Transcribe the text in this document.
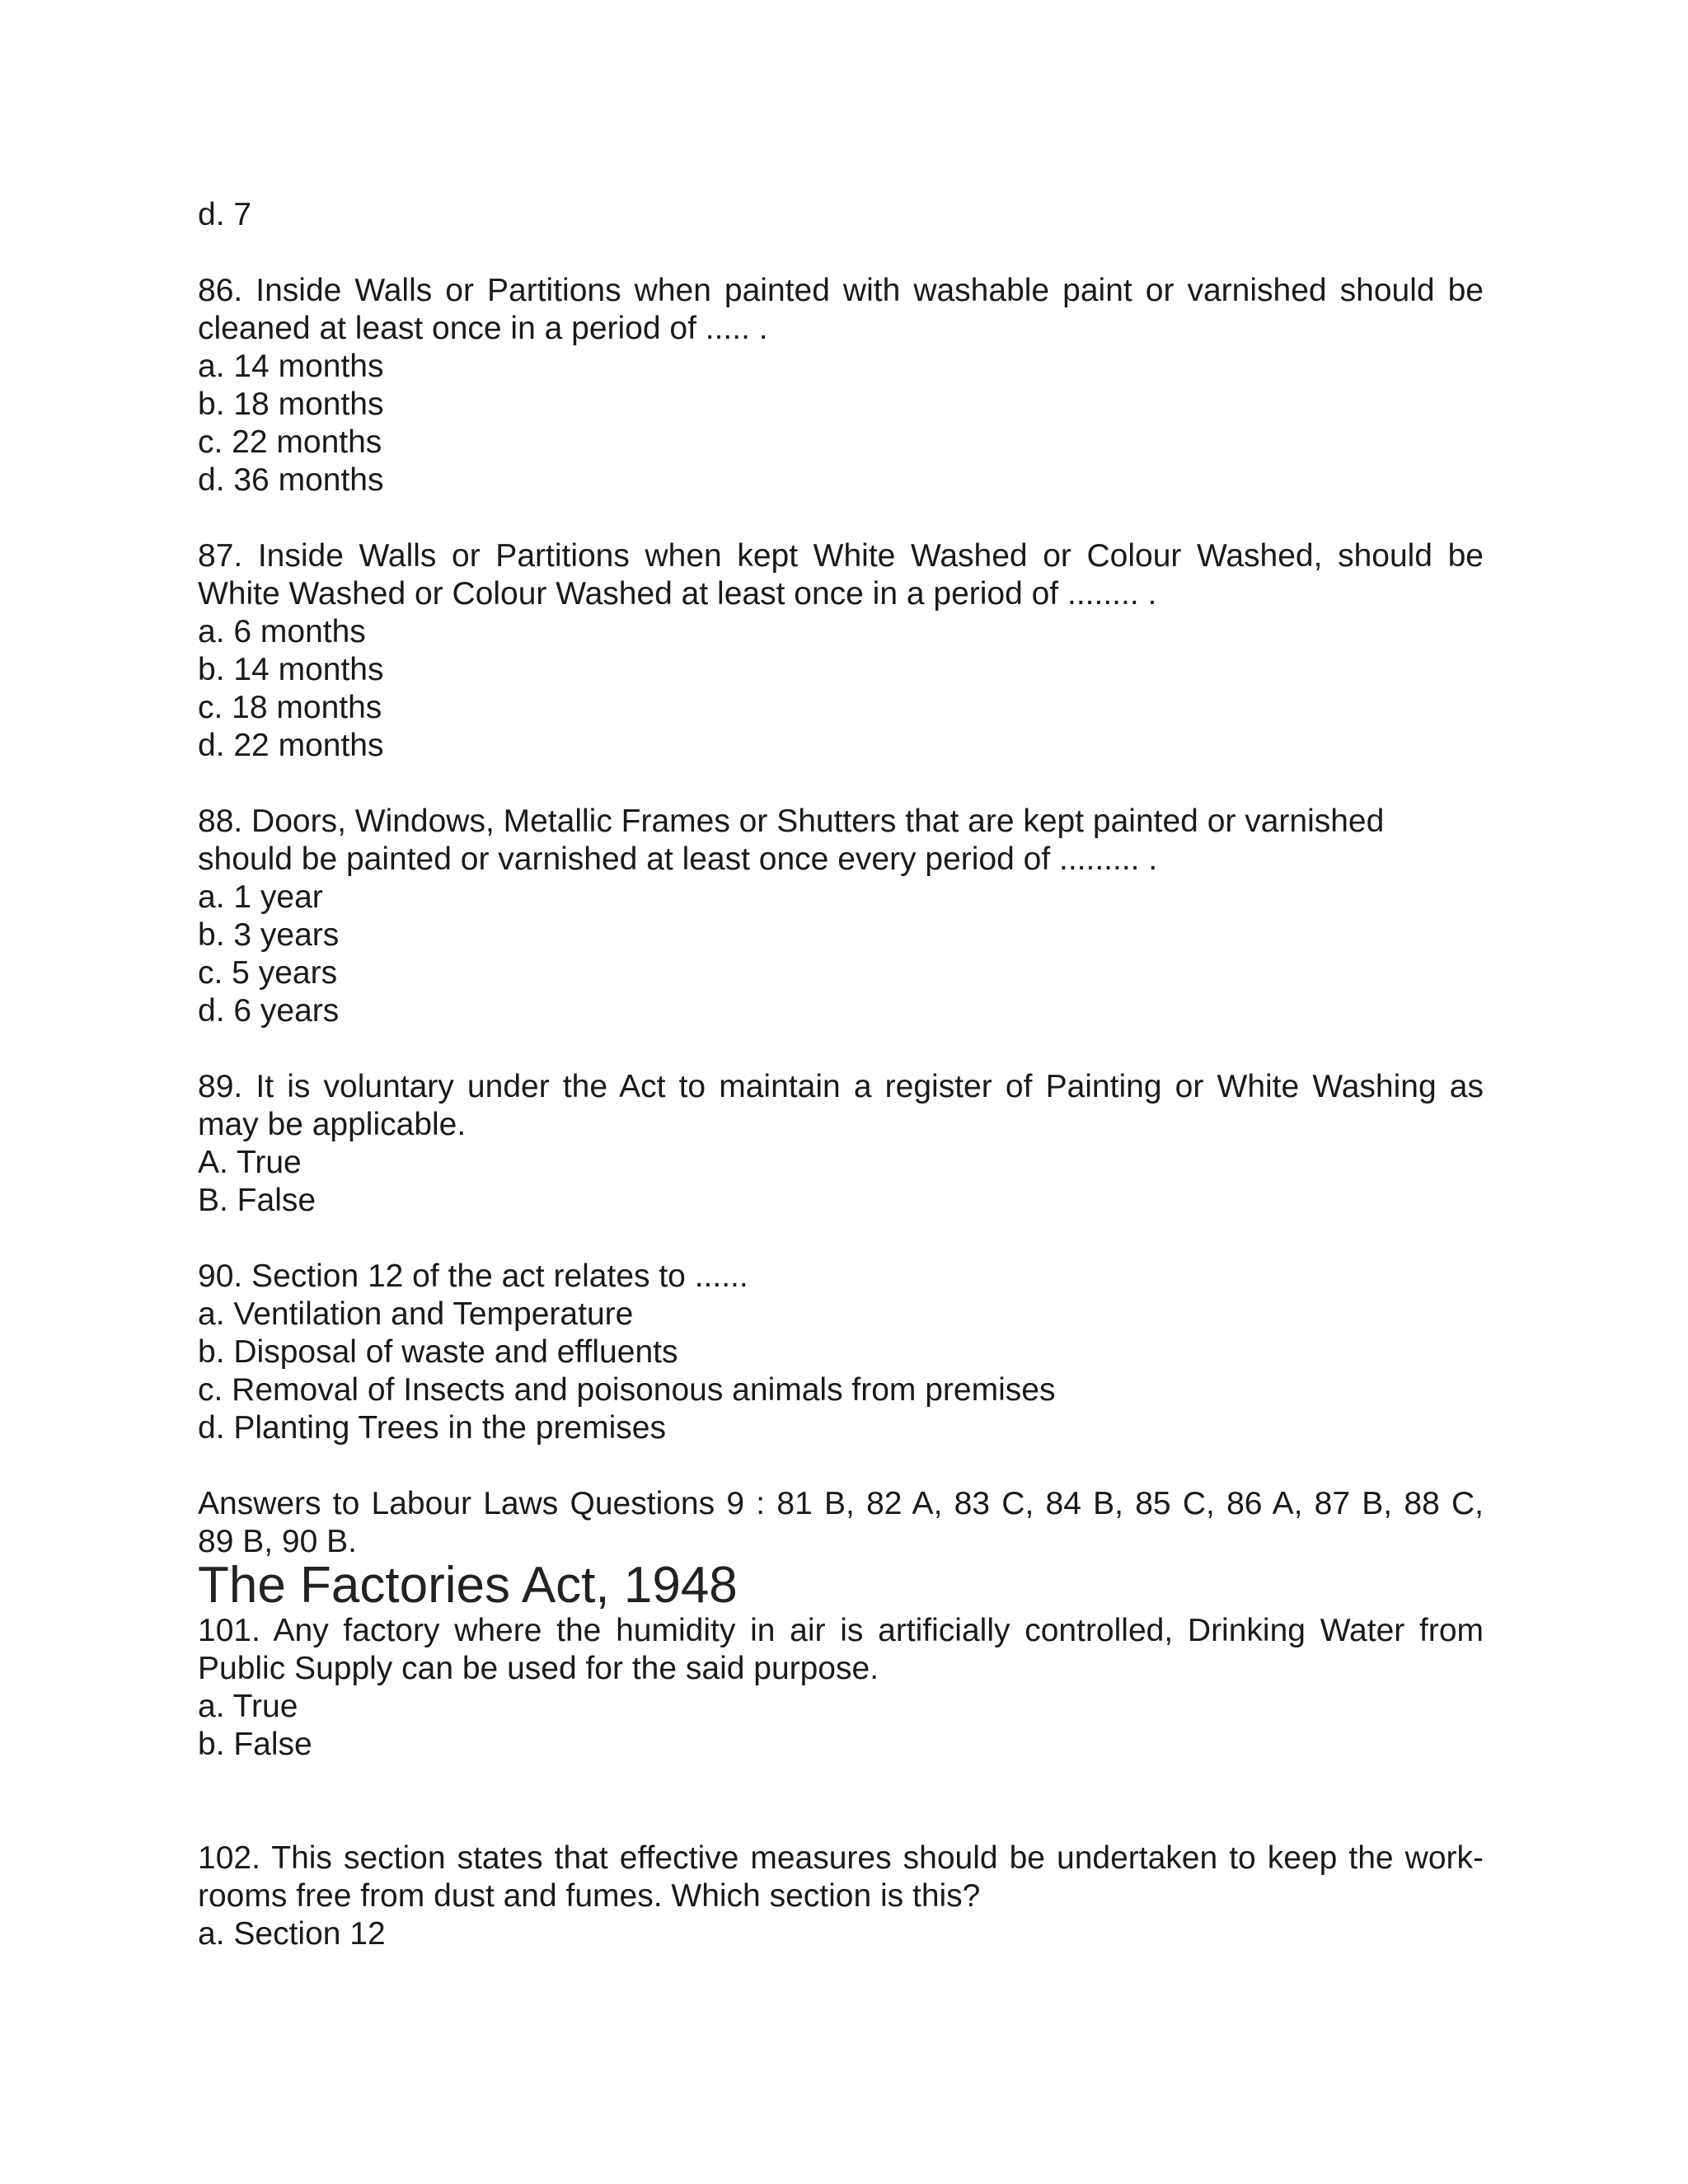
d. 7
86. Inside Walls or Partitions when painted with washable paint or varnished should be
cleaned at least once in a period of ..... .
a. 14 months
b. 18 months
c. 22 months
d. 36 months
87. Inside Walls or Partitions when kept White Washed or Colour Washed, should be
White Washed or Colour Washed at least once in a period of ........ .
a. 6 months
b. 14 months
c. 18 months
d. 22 months
88. Doors, Windows, Metallic Frames or Shutters that are kept painted or varnished
should be painted or varnished at least once every period of ......... .
a. 1 year
b. 3 years
c. 5 years
d. 6 years
89. It is voluntary under the Act to maintain a register of Painting or White Washing as
may be applicable.
A. True
B. False
90. Section 12 of the act relates to ......
a. Ventilation and Temperature
b. Disposal of waste and effluents
c. Removal of Insects and poisonous animals from premises
d. Planting Trees in the premises
Answers to Labour Laws Questions 9 : 81 B, 82 A, 83 C, 84 B, 85 C, 86 A, 87 B, 88 C,
89 B, 90 B.
The Factories Act, 1948
101. Any factory where the humidity in air is artificially controlled, Drinking Water from
Public Supply can be used for the said purpose.
a. True
b. False
102. This section states that effective measures should be undertaken to keep the work-
rooms free from dust and fumes. Which section is this?
a. Section 12
